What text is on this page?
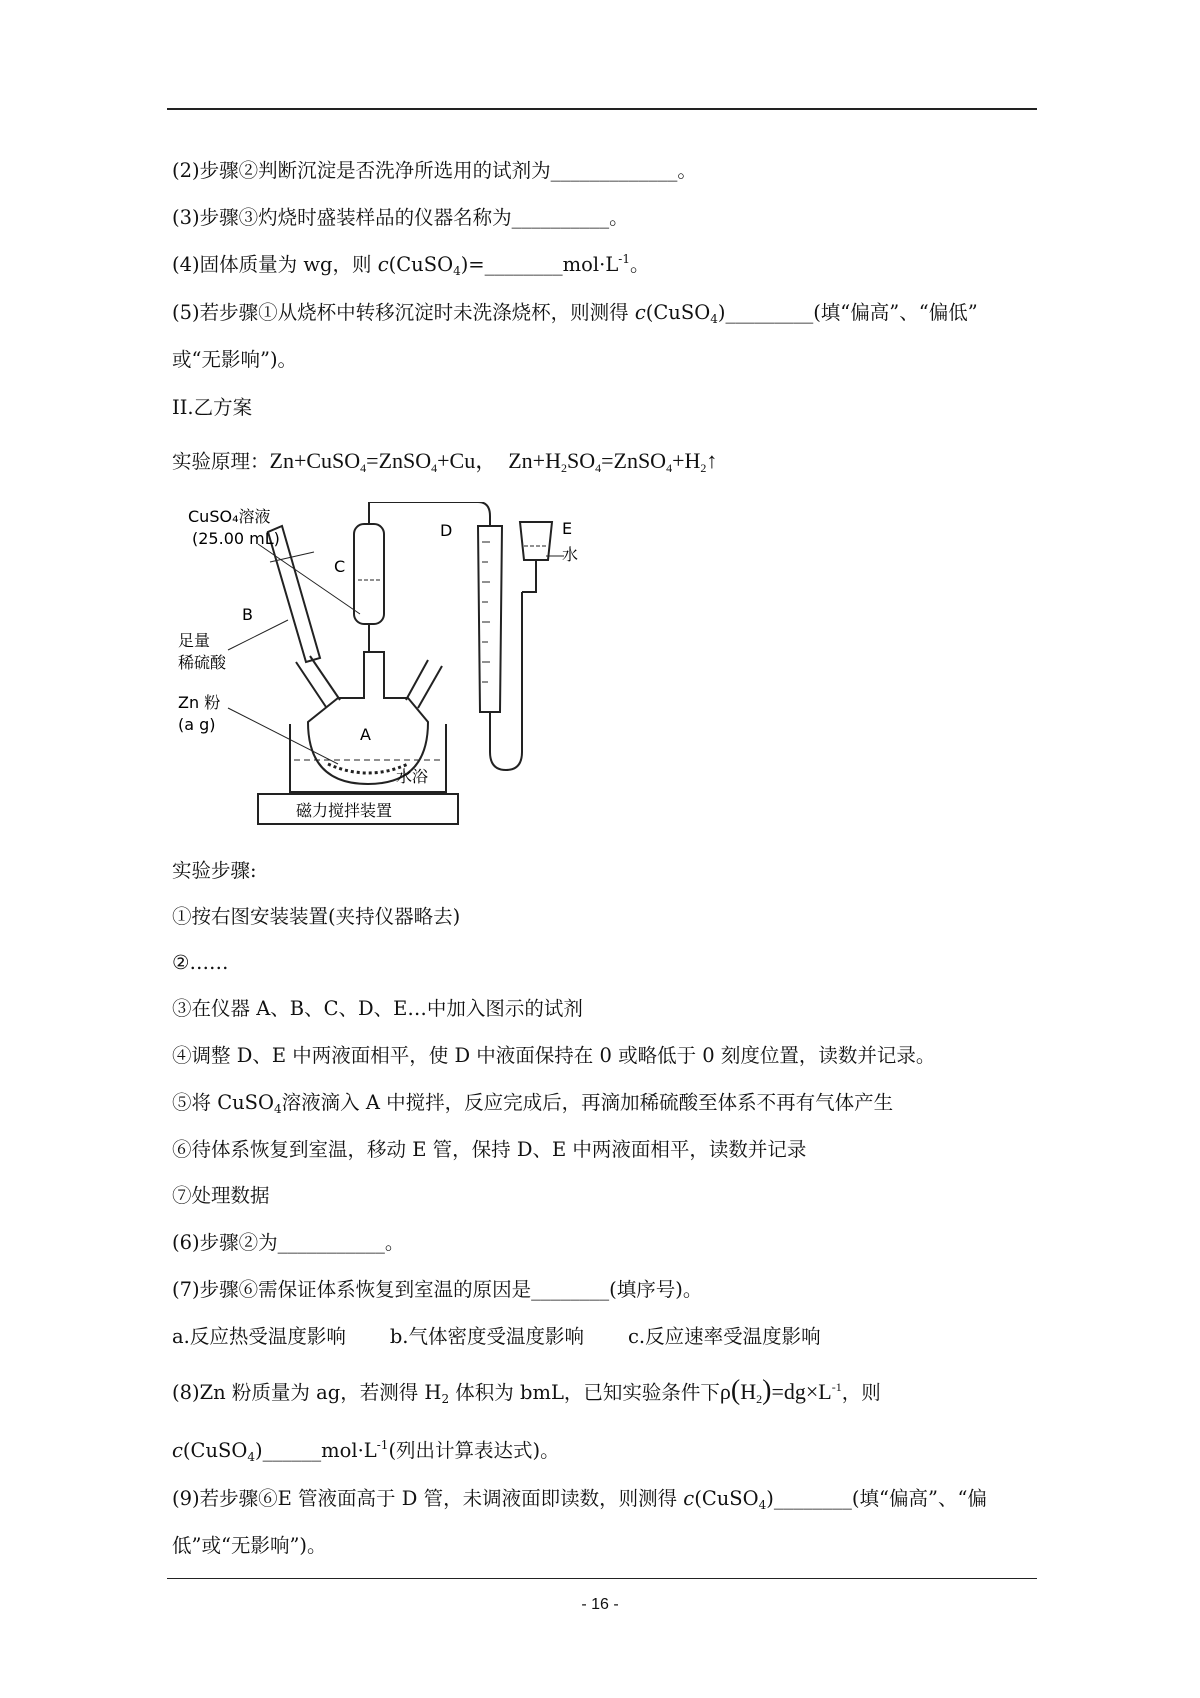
(2)步骤②判断沉淀是否洗净所选用的试剂为_____________。
(3)步骤③灼烧时盛装样品的仪器名称为__________。
(4)固体质量为 wg，则 $c(CuSO_4)=\_\_\_\_\_\_\_\_mol\cdot L^{-1}$。
(5)若步骤①从烧杯中转移沉淀时未洗涤烧杯，则测得 c(CuSO$_4$)_________(填“偏高”、“偏低”
或“无影响”)。
II.乙方案
实验原理：Zn+CuSO$_4$=ZnSO$_4$+Cu， $Zn+H_2SO_4=ZnSO_4+H_2↑$
CuSO₄溶液
(25.00 mL)
C
B
足量
稀硫酸
A
Zn 粉
(a g)
水浴
磁力搅拌装置
D	E
水
实验步骤:
①按右图安装装置(夹持仪器略去)
②……
③在仪器 A、B、C、D、E…中加入图示的试剂
④调整 D、E 中两液面相平，使 D 中液面保持在 0 或略低于 0 刻度位置，读数并记录。
⑤将 CuSO$_4$溶液滴入 A 中搅拌，反应完成后，再滴加稀硫酸至体系不再有气体产生
⑥待体系恢复到室温，移动 E 管，保持 D、E 中两液面相平，读数并记录
⑦处理数据
(6)步骤②为___________。
(7)步骤⑥需保证体系恢复到室温的原因是________(填序号)。
a.反应热受温度影响 b.气体密度受温度影响 c.反应速率受温度影响
(8)Zn 粉质量为 ag，若测得 $H_2$ 体积为 bmL，已知实验条件下$\rho(H_2)=dg\times L^{-1}$，则
$c(CuSO_4)\_\_\_\_\_\_mol\cdot L^{-1}$(列出计算表达式)。
(9)若步骤⑥E 管液面高于 D 管，未调液面即读数，则测得 c(CuSO$_4$)________(填“偏高”、“偏
低”或“无影响”)。
- 16 -
